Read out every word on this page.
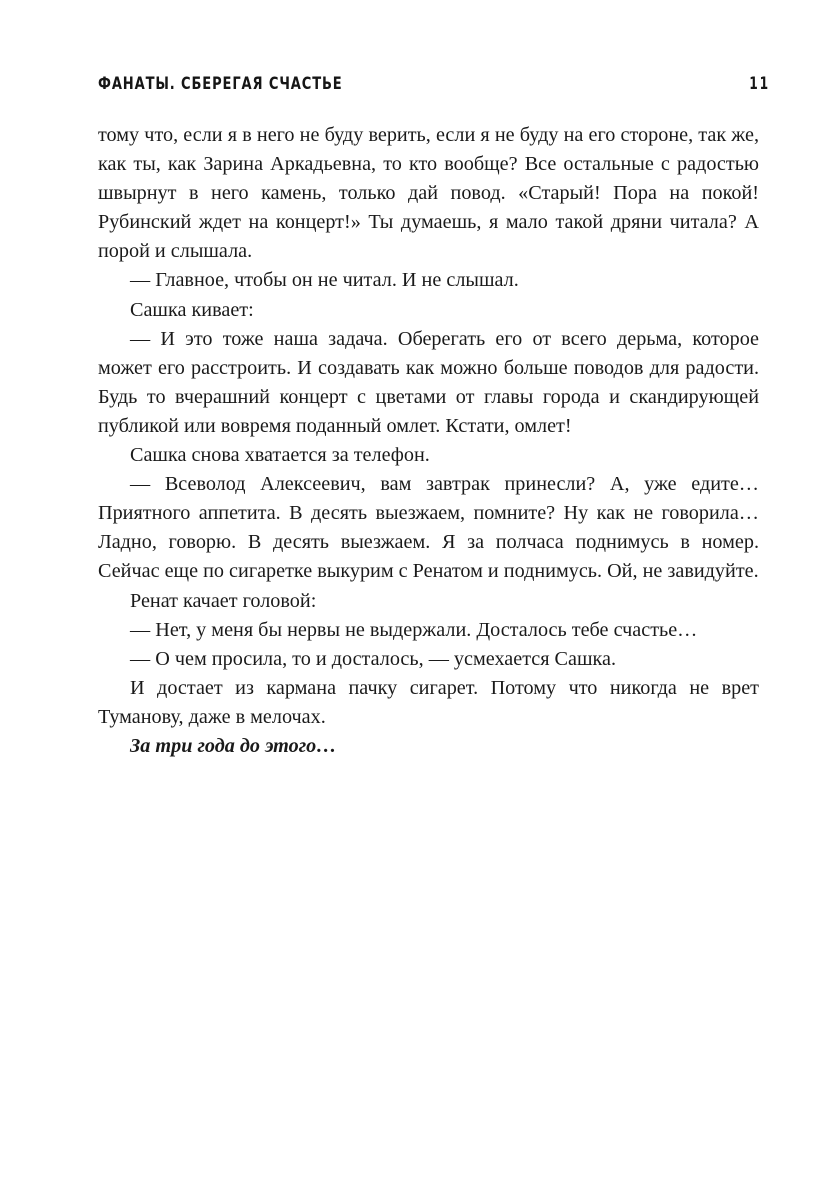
ФАНАТЫ. СБЕРЕГАЯ СЧАСТЬЕ	11

тому что, если я в него не буду верить, если я не буду на его стороне, так же, как ты, как Зарина Аркадьевна, то кто вообще? Все остальные с радостью швырнут в него камень, только дай повод. «Старый! Пора на покой! Рубинский ждет на концерт!» Ты думаешь, я мало такой дряни читала? А порой и слышала.

— Главное, чтобы он не читал. И не слышал.

Сашка кивает:

— И это тоже наша задача. Оберегать его от всего дерьма, которое может его расстроить. И создавать как можно больше поводов для радости. Будь то вчерашний концерт с цветами от главы города и скандирующей публикой или вовремя поданный омлет. Кстати, омлет!

Сашка снова хватается за телефон.

— Всеволод Алексеевич, вам завтрак принесли? А, уже едите… Приятного аппетита. В десять выезжаем, помните? Ну как не говорила… Ладно, говорю. В десять выезжаем. Я за полчаса поднимусь в номер. Сейчас еще по сигаретке выкурим с Ренатом и поднимусь. Ой, не завидуйте.

Ренат качает головой:

— Нет, у меня бы нервы не выдержали. Досталось тебе счастье…

— О чем просила, то и досталось, — усмехается Сашка.

И достает из кармана пачку сигарет. Потому что никогда не врет Туманову, даже в мелочах.

За три года до этого…
